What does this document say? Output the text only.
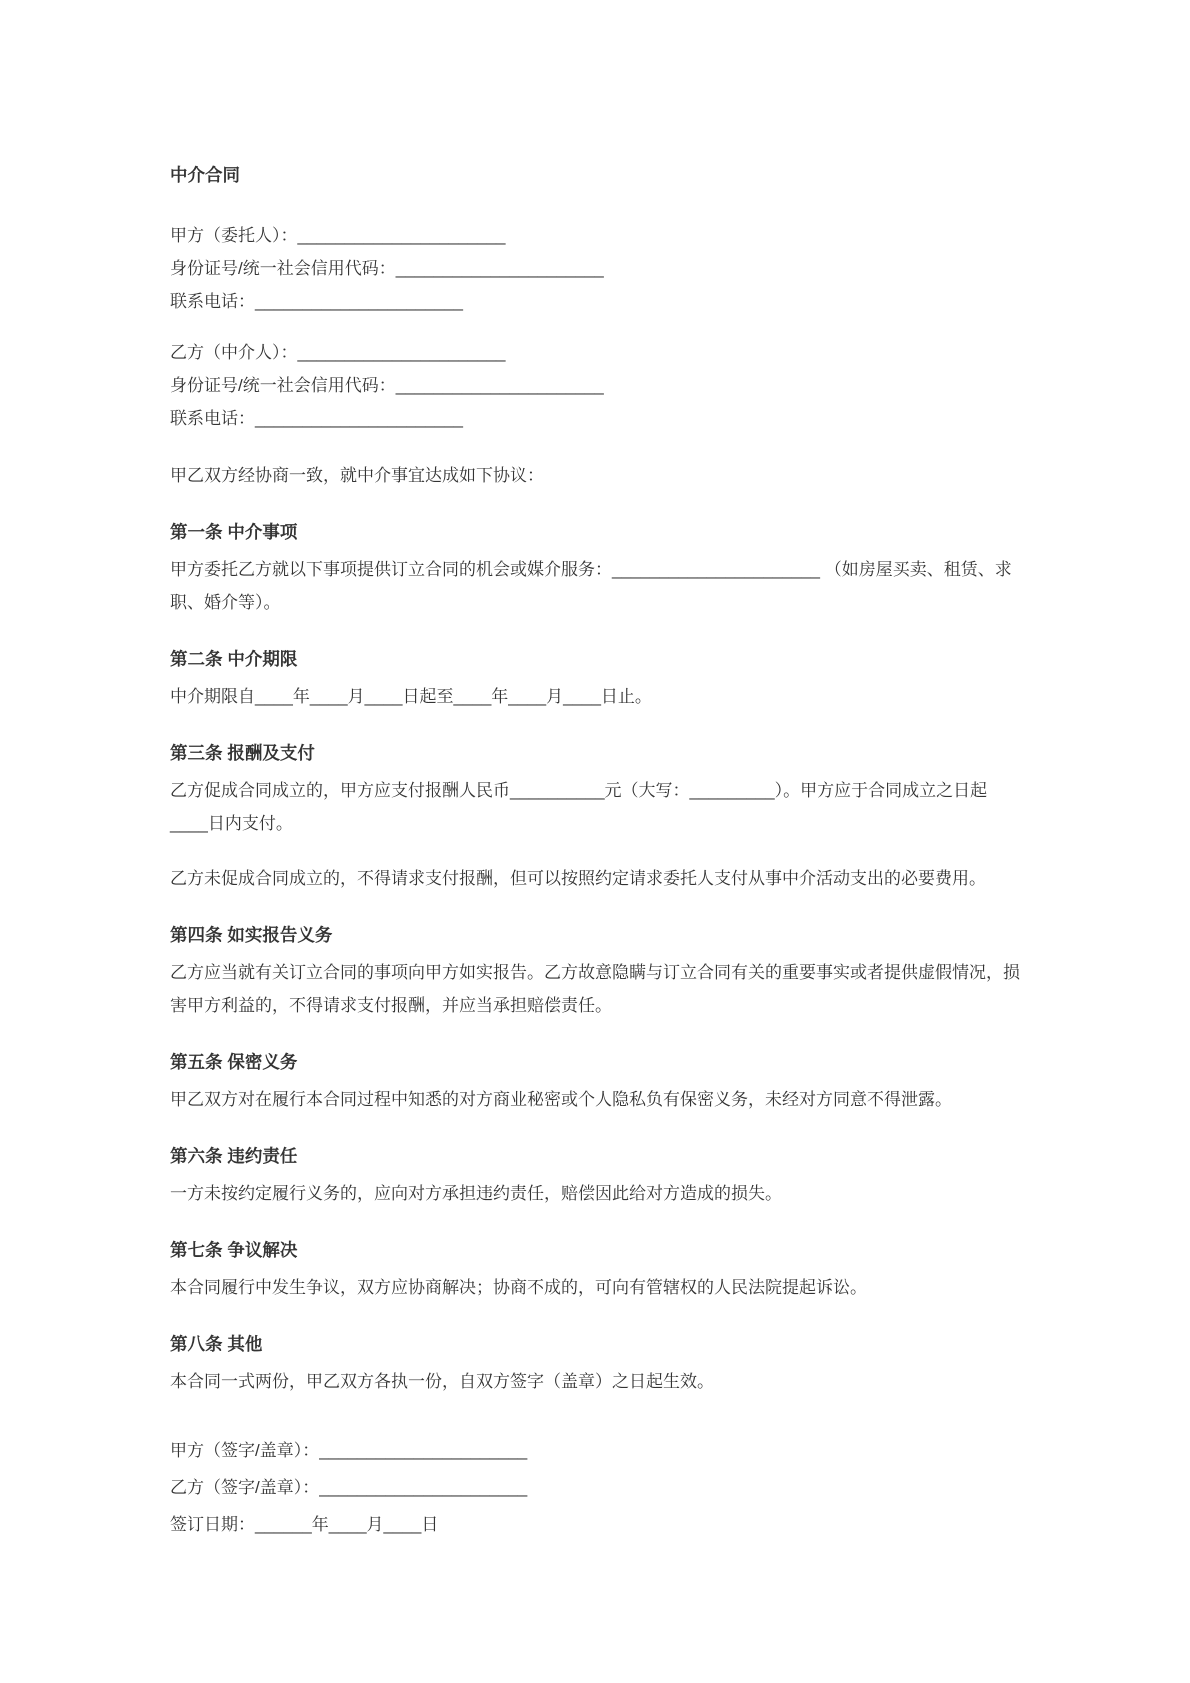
中介合同
甲方（委托人）：______________________
身份证号/统一社会信用代码：______________________
联系电话：______________________
乙方（中介人）：______________________
身份证号/统一社会信用代码：______________________
联系电话：______________________

甲乙双方经协商一致，就中介事宜达成如下协议：

第一条 中介事项

甲方委托乙方就以下事项提供订立合同的机会或媒介服务：______________________ （如房屋买卖、租赁、求职、婚介等）。

第二条 中介期限

中介期限自____年____月____日起至____年____月____日止。

第三条 报酬及支付

乙方促成合同成立的，甲方应支付报酬人民币__________元（大写：_________）。甲方应于合同成立之日起____日内支付。

乙方未促成合同成立的，不得请求支付报酬，但可以按照约定请求委托人支付从事中介活动支出的必要费用。

第四条 如实报告义务

乙方应当就有关订立合同的事项向甲方如实报告。乙方故意隐瞒与订立合同有关的重要事实或者提供虚假情况，损害甲方利益的，不得请求支付报酬，并应当承担赔偿责任。

第五条 保密义务

甲乙双方对在履行本合同过程中知悉的对方商业秘密或个人隐私负有保密义务，未经对方同意不得泄露。

第六条 违约责任

一方未按约定履行义务的，应向对方承担违约责任，赔偿因此给对方造成的损失。

第七条 争议解决

本合同履行中发生争议，双方应协商解决；协商不成的，可向有管辖权的人民法院提起诉讼。

第八条 其他

本合同一式两份，甲乙双方各执一份，自双方签字（盖章）之日起生效。

甲方（签字/盖章）：______________________
乙方（签字/盖章）：______________________
签订日期：______年____月____日
